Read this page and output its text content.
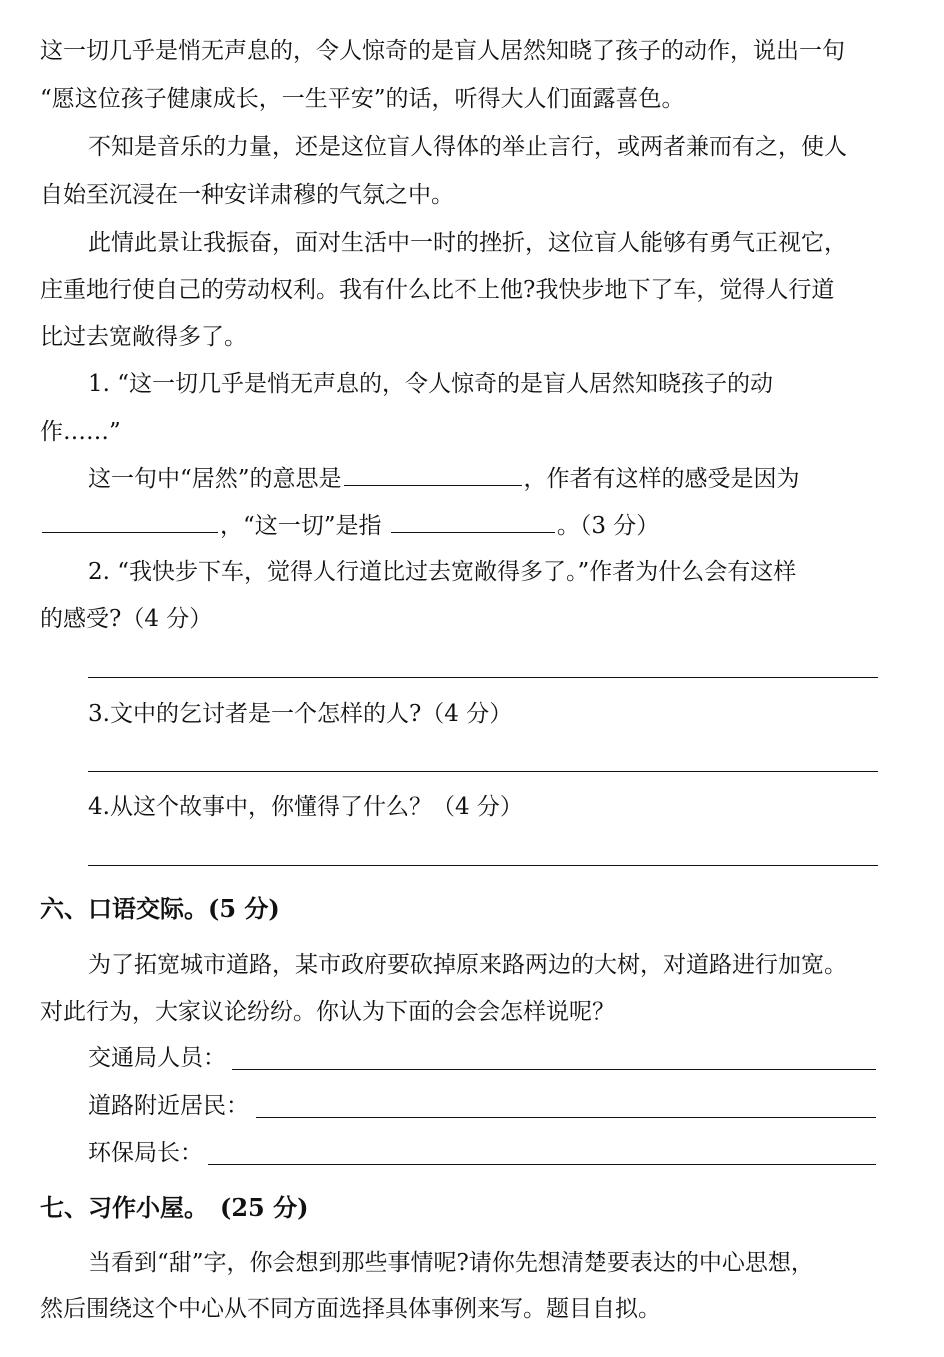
这一切几乎是悄无声息的，令人惊奇的是盲人居然知晓了孩子的动作，说出一句
“愿这位孩子健康成长，一生平安”的话，听得大人们面露喜色。
不知是音乐的力量，还是这位盲人得体的举止言行，或两者兼而有之，使人
自始至沉浸在一种安详肃穆的气氛之中。
此情此景让我振奋，面对生活中一时的挫折，这位盲人能够有勇气正视它，
庄重地行使自己的劳动权利。我有什么比不上他?我快步地下了车，觉得人行道
比过去宽敞得多了。
1. “这一切几乎是悄无声息的，令人惊奇的是盲人居然知晓孩子的动
作……”
这一句中“居然”的意思是	，作者有这样的感受是因为
，“这一切”是指	。（3 分）
2. “我快步下车，觉得人行道比过去宽敞得多了。”作者为什么会有这样
的感受?（4 分）
3.文中的乞讨者是一个怎样的人?（4 分）
4.从这个故事中，你懂得了什么？（4 分）
六、口语交际。(5 分)
为了拓宽城市道路，某市政府要砍掉原来路两边的大树，对道路进行加宽。
对此行为，大家议论纷纷。你认为下面的会会怎样说呢？
交通局人员：
道路附近居民：
环保局长：
七、习作小屋。　(25 分)
当看到“甜”字，你会想到那些事情呢?请你先想清楚要表达的中心思想，
然后围绕这个中心从不同方面选择具体事例来写。题目自拟。
